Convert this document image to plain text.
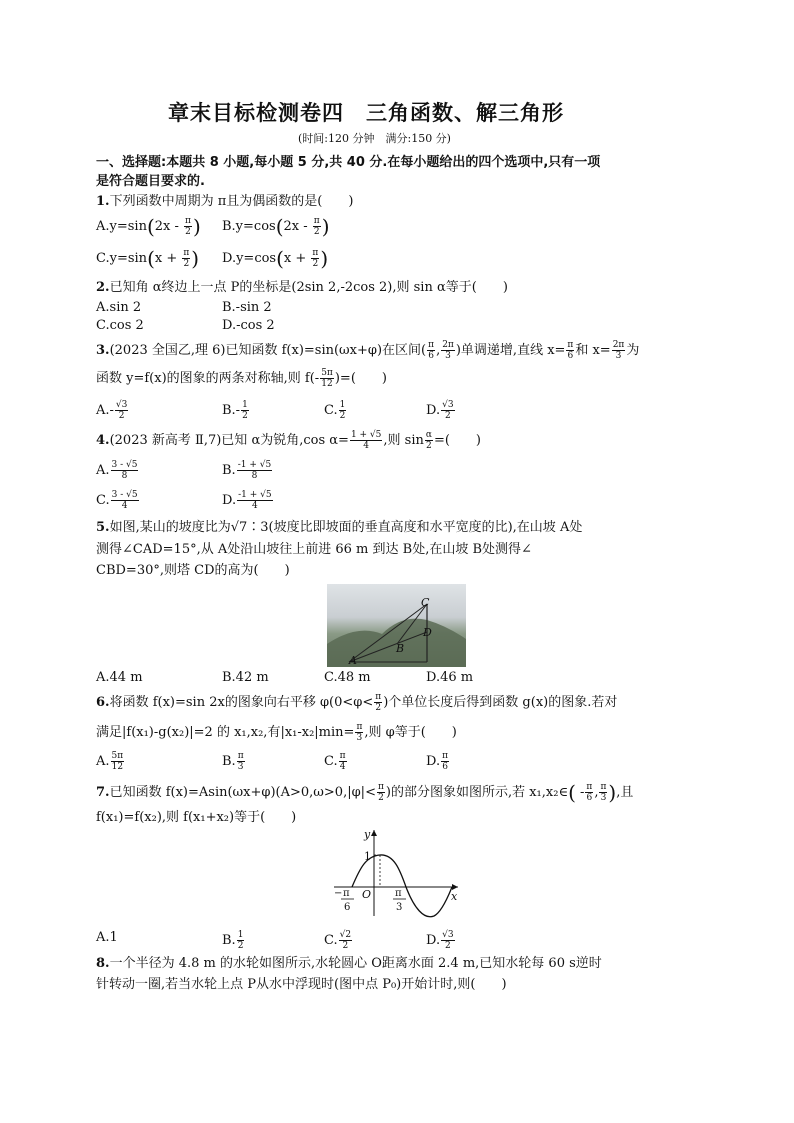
章末目标检测卷四　三角函数、解三角形
(时间:120 分钟　满分:150 分)
一、选择题:本题共 8 小题,每小题 5 分,共 40 分.在每小题给出的四个选项中,只有一项
是符合题目要求的.
1.下列函数中周期为 π且为偶函数的是(　　)
$A.y=\sin(2x - \frac{\pi}{2}$ ) $B.y=\cos(2x - \frac{\pi}{2}$ )
$C.y=\sin(x + \frac{\pi}{2}$ ) $D.y=\cos(x + \frac{\pi}{2}$ )
2.已知角 α终边上一点 P的坐标是(2sin 2,-2cos 2),则 sin α等于(　　)
A.sin 2	B.-sin 2
C.cos 2	D.-cos 2
3.(2023 全国乙,理 6)已知函数 f(x)=sin(ωx+φ)在区间( $\frac{\pi}{6}$ , $\frac{2\pi}{3}$ )单调递增,直线 $x= \frac{\pi}{6}$ 和 $x= \frac{2\pi}{3}$ 为
函数 y=f(x)的图象的两条对称轴,则 $f(- \frac{5\pi}{12}$ )=(　　)
$A.- \frac{√3}{2}$	$B.- \frac{1}{2}$	C. $\frac{1}{2}$	D. $\frac{√3}{2}$
4.(2023 新高考 Ⅱ,7)已知 α为锐角,cos $\alpha= \frac{1 + √5}{4}$ ,则 $\sin \frac{\alpha}{2}$ =(　　)
A. $\frac{3 - √5}{8}$	B. $\frac{-1 + √5}{8}$
C. $\frac{3 - √5}{4}$	D. $\frac{-1 + √5}{4}$
5.如图,某山的坡度比为√7∶3(坡度比即坡面的垂直高度和水平宽度的比),在山坡 A处
测得∠CAD=15°,从 A处沿山坡往上前进 66 m 到达 B处,在山坡 B处测得∠
CBD=30°,则塔 CD的高为(　　)
C
D
B
A
A.44 m	B.42 m	C.48 m	D.46 m
6.将函数 f(x)=sin 2x的图象向右平移 $\varphi(0<\varphi< \frac{\pi}{2}$ )个单位长度后得到函数 g(x)的图象.若对
满足|f(x₁)-g(x₂)|=2 的 x₁,x₂,有$|x_1-x_2|\min= \frac{\pi}{3}$ ,则 φ等于(　　)
A. $\frac{5\pi}{12}$	B. $\frac{\pi}{3}$	C. $\frac{\pi}{4}$	D. $\frac{\pi}{6}$
7.已知函数 $f(x)=Asin(\omega x+\varphi)(A>0,\omega>0,|\varphi|< \frac{\pi}{2}$ )的部分图象如图所示,若 x₁,x₂∈( - $\frac{\pi}{6}$ , $\frac{\pi}{3}$ ),且
f(x₁)=f(x₂),则 f(x₁+x₂)等于(　　)
y
x
1
O
− π
6
π
3
A.1	B. $\frac{1}{2}$	C. $\frac{√2}{2}$	D. $\frac{√3}{2}$
8.一个半径为 4.8 m 的水轮如图所示,水轮圆心 O距离水面 2.4 m,已知水轮每 60 s逆时
针转动一圈,若当水轮上点 P从水中浮现时(图中点 P₀)开始计时,则(　　)
